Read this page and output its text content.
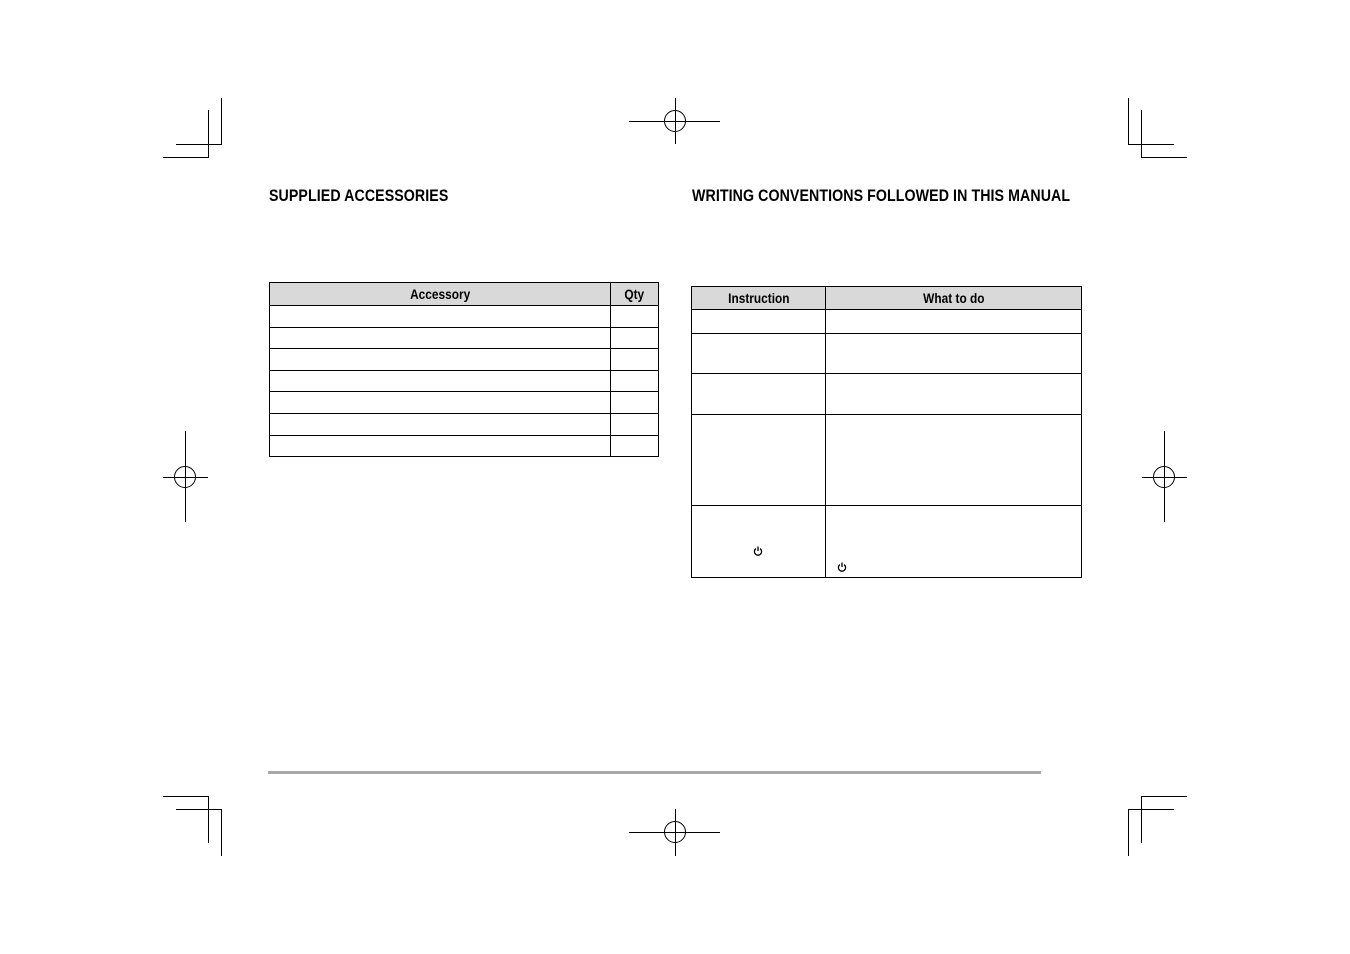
SUPPLIED ACCESSORIES	WRITING CONVENTIONS FOLLOWED IN THIS MANUAL
Accessory	Qty

		Instruction	What to do
